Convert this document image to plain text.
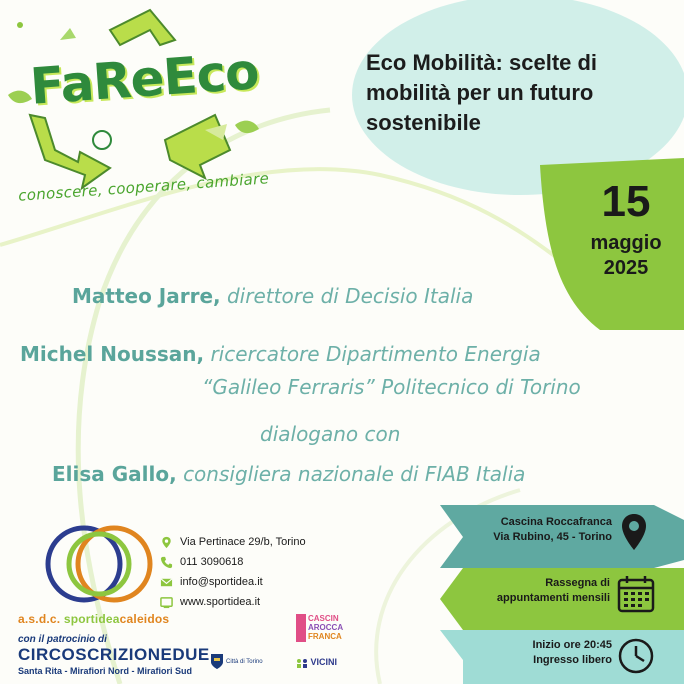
FaReEco
conoscere, cooperare, cambiare
Eco Mobilità: scelte di
mobilità per un futuro
sostenibile
15
maggio
2025
Matteo Jarre, direttore di Decisio Italia
Michel Noussan, ricercatore Dipartimento Energia
“Galileo Ferraris” Politecnico di Torino
dialogano con
Elisa Gallo, consigliera nazionale di FIAB Italia
Via Pertinace 29/b, Torino
011 3090618
info@sportidea.it
www.sportidea.it
a.s.d.c. sportideacaleidos
con il patrocinio di
CIRCOSCRIZIONEDUE
Santa Rita - Mirafiori Nord - Mirafiori Sud
Città di Torino
CASCIN
AROCCA
FRANCA
VICINI
Cascina Roccafranca
Via Rubino, 45 - Torino
Rassegna di
appuntamenti mensili
Inizio ore 20:45
Ingresso libero
